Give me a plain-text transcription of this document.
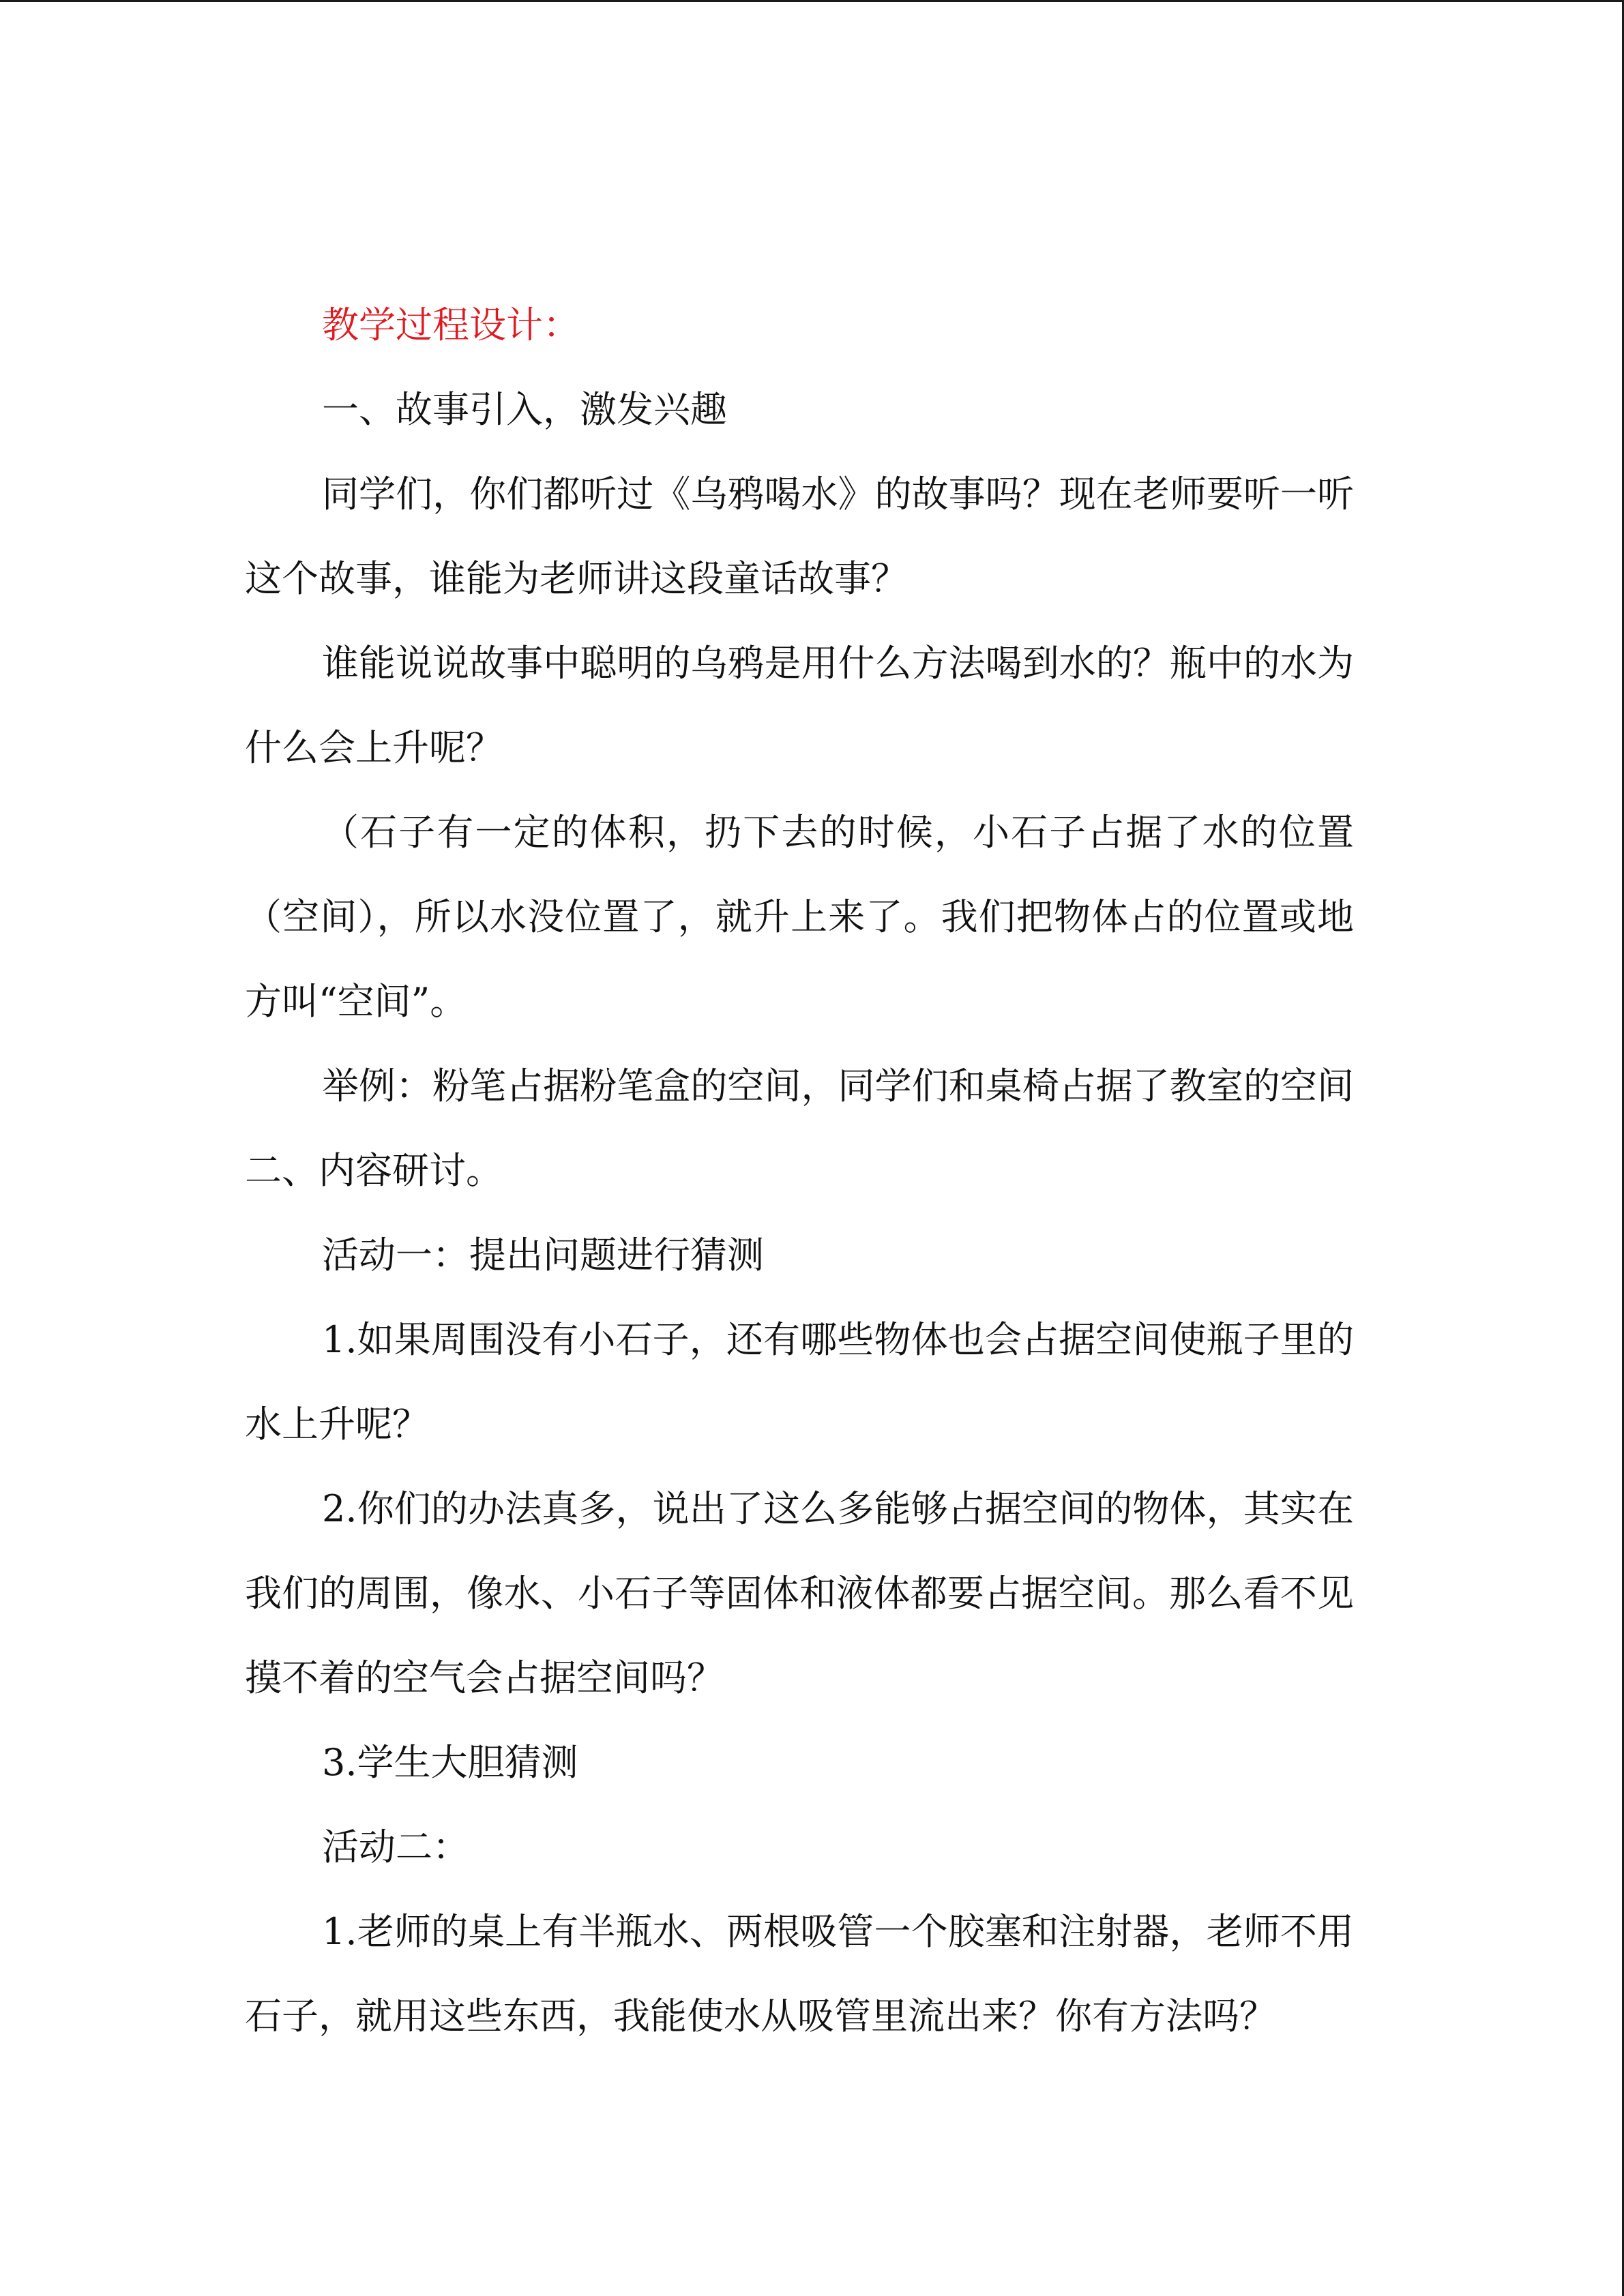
教学过程设计：

一、故事引入，激发兴趣

同学们，你们都听过《乌鸦喝水》的故事吗？现在老师要听一听这个故事，谁能为老师讲这段童话故事？

谁能说说故事中聪明的乌鸦是用什么方法喝到水的？瓶中的水为什么会上升呢？

（石子有一定的体积，扔下去的时候，小石子占据了水的位置（空间），所以水没位置了，就升上来了。我们把物体占的位置或地方叫“空间”。

举例：粉笔占据粉笔盒的空间，同学们和桌椅占据了教室的空间二、内容研讨。

活动一：提出问题进行猜测

1.如果周围没有小石子，还有哪些物体也会占据空间使瓶子里的水上升呢？

2.你们的办法真多，说出了这么多能够占据空间的物体，其实在我们的周围，像水、小石子等固体和液体都要占据空间。那么看不见摸不着的空气会占据空间吗？

3.学生大胆猜测

活动二：

1.老师的桌上有半瓶水、两根吸管一个胶塞和注射器，老师不用石子，就用这些东西，我能使水从吸管里流出来？你有方法吗？
